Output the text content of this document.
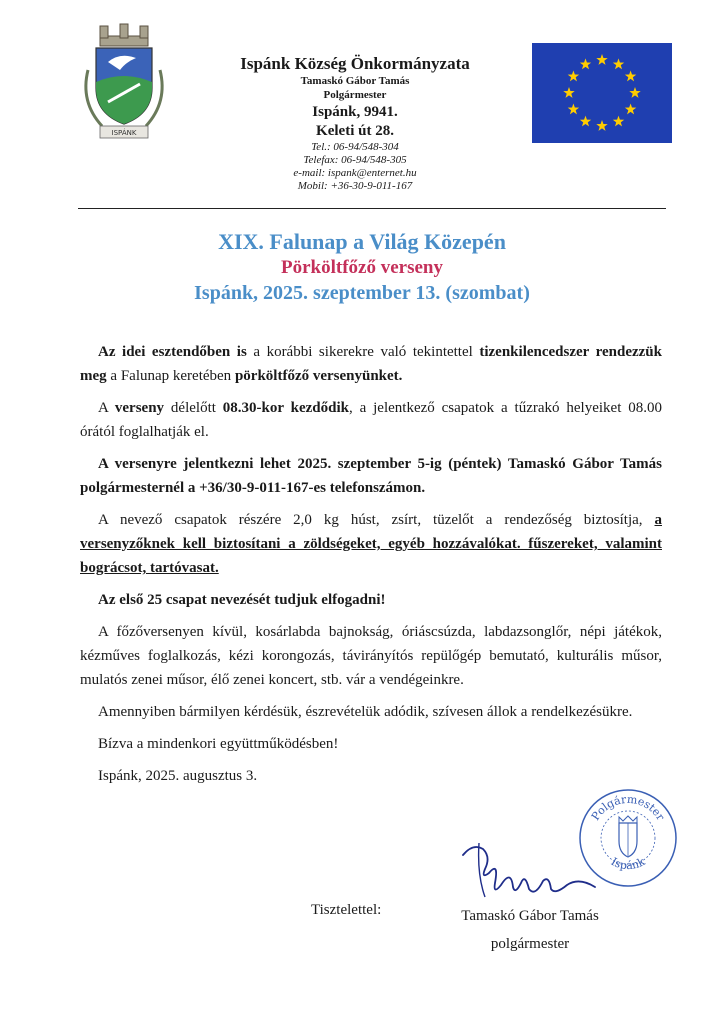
ISPÁNK
Ispánk Község Önkormányzata
Tamaskó Gábor Tamás
Polgármester
Ispánk, 9941.
Keleti út 28.
Tel.: 06-94/548-304
Telefax: 06-94/548-305
e-mail: ispank@enternet.hu
Mobil: +36-30-9-011-167
XIX. Falunap a Világ Közepén
Pörköltfőző verseny
Ispánk, 2025. szeptember 13. (szombat)

Az idei esztendőben is a korábbi sikerekre való tekintettel tizenkilencedszer rendezzük meg a Falunap keretében pörköltfőző versenyünket.

A verseny délelőtt 08.30-kor kezdődik, a jelentkező csapatok a tűzrakó helyeiket 08.00 órától foglalhatják el.

A versenyre jelentkezni lehet 2025. szeptember 5-ig (péntek) Tamaskó Gábor Tamás polgármesternél a +36/30-9-011-167-es telefonszámon.

A nevező csapatok részére 2,0 kg húst, zsírt, tüzelőt a rendezőség biztosítja, a versenyzőknek kell biztosítani a zöldségeket, egyéb hozzávalókat. fűszereket, valamint bográcsot, tartóvasat.

Az első 25 csapat nevezését tudjuk elfogadni!

A főzőversenyen kívül, kosárlabda bajnokság, óriáscsúzda, labdazsonglőr, népi játékok, kézműves foglalkozás, kézi korongozás, távirányítós repülőgép bemutató, kulturális műsor, mulatós zenei műsor, élő zenei koncert, stb. vár a vendégeinkre.

Amennyiben bármilyen kérdésük, észrevételük adódik, szívesen állok a rendelkezésükre.

Bízva a mindenkori együttműködésben!

Ispánk, 2025. augusztus 3.

Polgármester
Ispánk
Tisztelettel:	Tamaskó Gábor Tamás
polgármester
